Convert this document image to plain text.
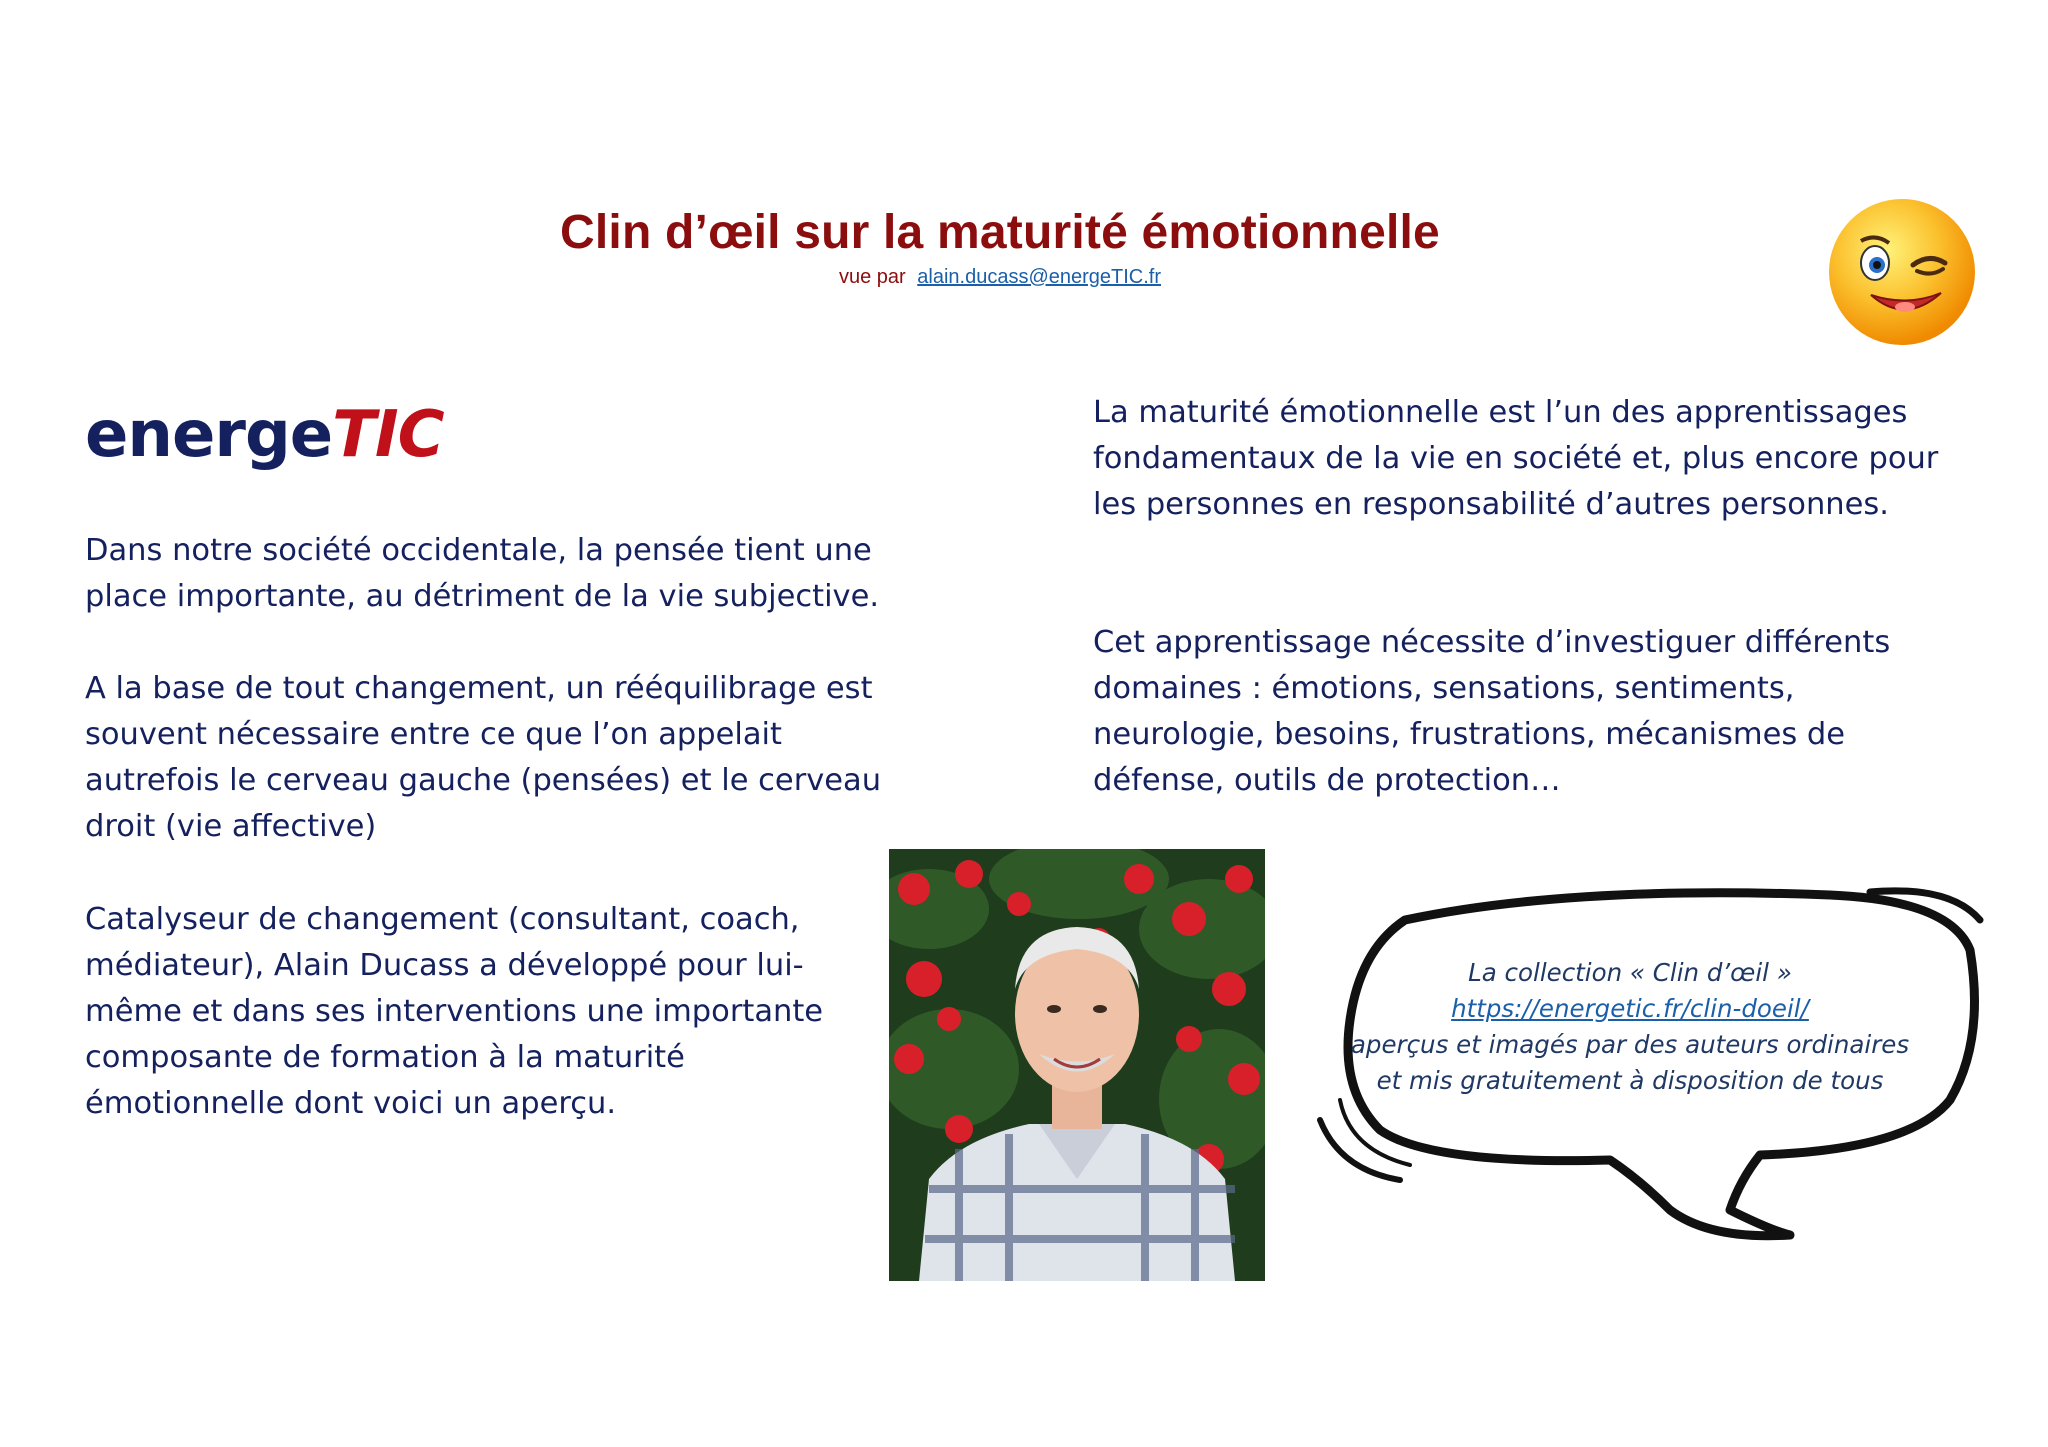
Clin d’œil sur la maturité émotionnelle
vue par alain.ducass@energeTIC.fr
energeTIC

Dans notre société occidentale, la pensée tient une place importante, au détriment de la vie subjective.

A la base de tout changement, un rééquilibrage est souvent nécessaire entre ce que l’on appelait autrefois le cerveau gauche (pensées) et le cerveau droit (vie affective)

Catalyseur de changement (consultant, coach, médiateur), Alain Ducass a développé pour lui-même et dans ses interventions une importante composante de formation à la maturité émotionnelle dont voici un aperçu.

La maturité émotionnelle est l’un des apprentissages fondamentaux de la vie en société et, plus encore pour les personnes en responsabilité d’autres personnes.

Cet apprentissage nécessite d’investiguer différents domaines : émotions, sensations, sentiments, neurologie, besoins, frustrations, mécanismes de défense, outils de protection…

La collection « Clin d’œil »
https://energetic.fr/clin-doeil/
aperçus et imagés par des auteurs ordinaires
et mis gratuitement à disposition de tous
